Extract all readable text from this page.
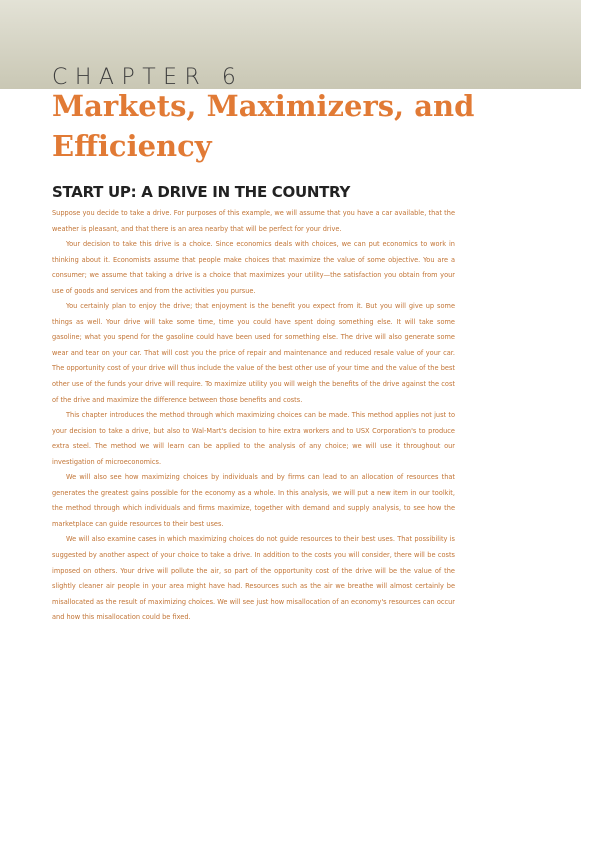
CHAPTER 6
Markets, Maximizers, and Efficiency
START UP: A DRIVE IN THE COUNTRY

Suppose you decide to take a drive. For purposes of this example, we will assume that you have a car available, that the weather is pleasant, and that there is an area nearby that will be perfect for your drive.

Your decision to take this drive is a choice. Since economics deals with choices, we can put economics to work in thinking about it. Economists assume that people make choices that maximize the value of some objective. You are a consumer; we assume that taking a drive is a choice that maximizes your utility—the satisfaction you obtain from your use of goods and services and from the activities you pursue.

You certainly plan to enjoy the drive; that enjoyment is the benefit you expect from it. But you will give up some things as well. Your drive will take some time, time you could have spent doing something else. It will take some gasoline; what you spend for the gasoline could have been used for something else. The drive will also generate some wear and tear on your car. That will cost you the price of repair and maintenance and reduced resale value of your car. The opportunity cost of your drive will thus include the value of the best other use of your time and the value of the best other use of the funds your drive will require. To maximize utility you will weigh the benefits of the drive against the cost of the drive and maximize the difference between those benefits and costs.

This chapter introduces the method through which maximizing choices can be made. This method applies not just to your decision to take a drive, but also to Wal-Mart's decision to hire extra workers and to USX Corporation's to produce extra steel. The method we will learn can be applied to the analysis of any choice; we will use it throughout our investigation of microeconomics.

We will also see how maximizing choices by individuals and by firms can lead to an allocation of resources that generates the greatest gains possible for the economy as a whole. In this analysis, we will put a new item in our toolkit, the method through which individuals and firms maximize, together with demand and supply analysis, to see how the marketplace can guide resources to their best uses.

We will also examine cases in which maximizing choices do not guide resources to their best uses. That possibility is suggested by another aspect of your choice to take a drive. In addition to the costs you will consider, there will be costs imposed on others. Your drive will pollute the air, so part of the opportunity cost of the drive will be the value of the slightly cleaner air people in your area might have had. Resources such as the air we breathe will almost certainly be misallocated as the result of maximizing choices. We will see just how misallocation of an economy's resources can occur and how this misallocation could be fixed.
